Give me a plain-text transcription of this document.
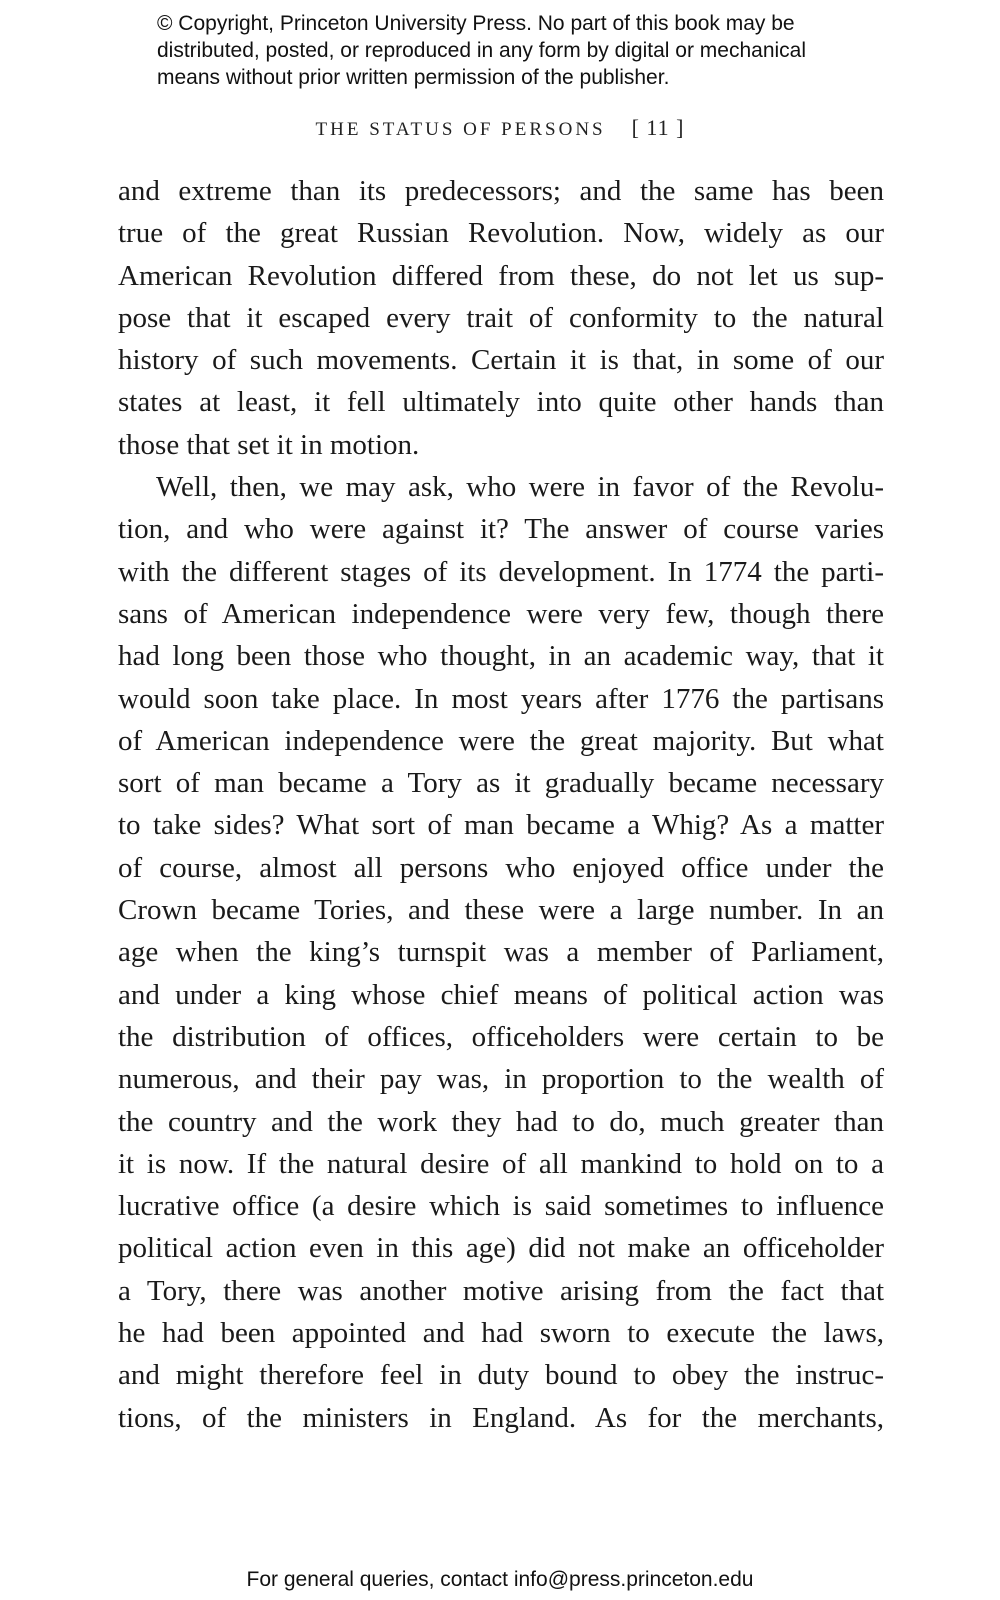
© Copyright, Princeton University Press. No part of this book may be
distributed, posted, or reproduced in any form by digital or mechanical
means without prior written permission of the publisher.
THE STATUS OF PERSONS [ 11 ]
and extreme than its predecessors; and the same has been
true of the great Russian Revolution. Now, widely as our
American Revolution differed from these, do not let us sup-
pose that it escaped every trait of conformity to the natural
history of such movements. Certain it is that, in some of our
states at least, it fell ultimately into quite other hands than
those that set it in motion.
Well, then, we may ask, who were in favor of the Revolu-
tion, and who were against it? The answer of course varies
with the different stages of its development. In 1774 the parti-
sans of American independence were very few, though there
had long been those who thought, in an academic way, that it
would soon take place. In most years after 1776 the partisans
of American independence were the great majority. But what
sort of man became a Tory as it gradually became necessary
to take sides? What sort of man became a Whig? As a matter
of course, almost all persons who enjoyed office under the
Crown became Tories, and these were a large number. In an
age when the king’s turnspit was a member of Parliament,
and under a king whose chief means of political action was
the distribution of offices, officeholders were certain to be
numerous, and their pay was, in proportion to the wealth of
the country and the work they had to do, much greater than
it is now. If the natural desire of all mankind to hold on to a
lucrative office (a desire which is said sometimes to influence
political action even in this age) did not make an officeholder
a Tory, there was another motive arising from the fact that
he had been appointed and had sworn to execute the laws,
and might therefore feel in duty bound to obey the instruc-
tions, of the ministers in England. As for the merchants,
For general queries, contact info@press.princeton.edu
